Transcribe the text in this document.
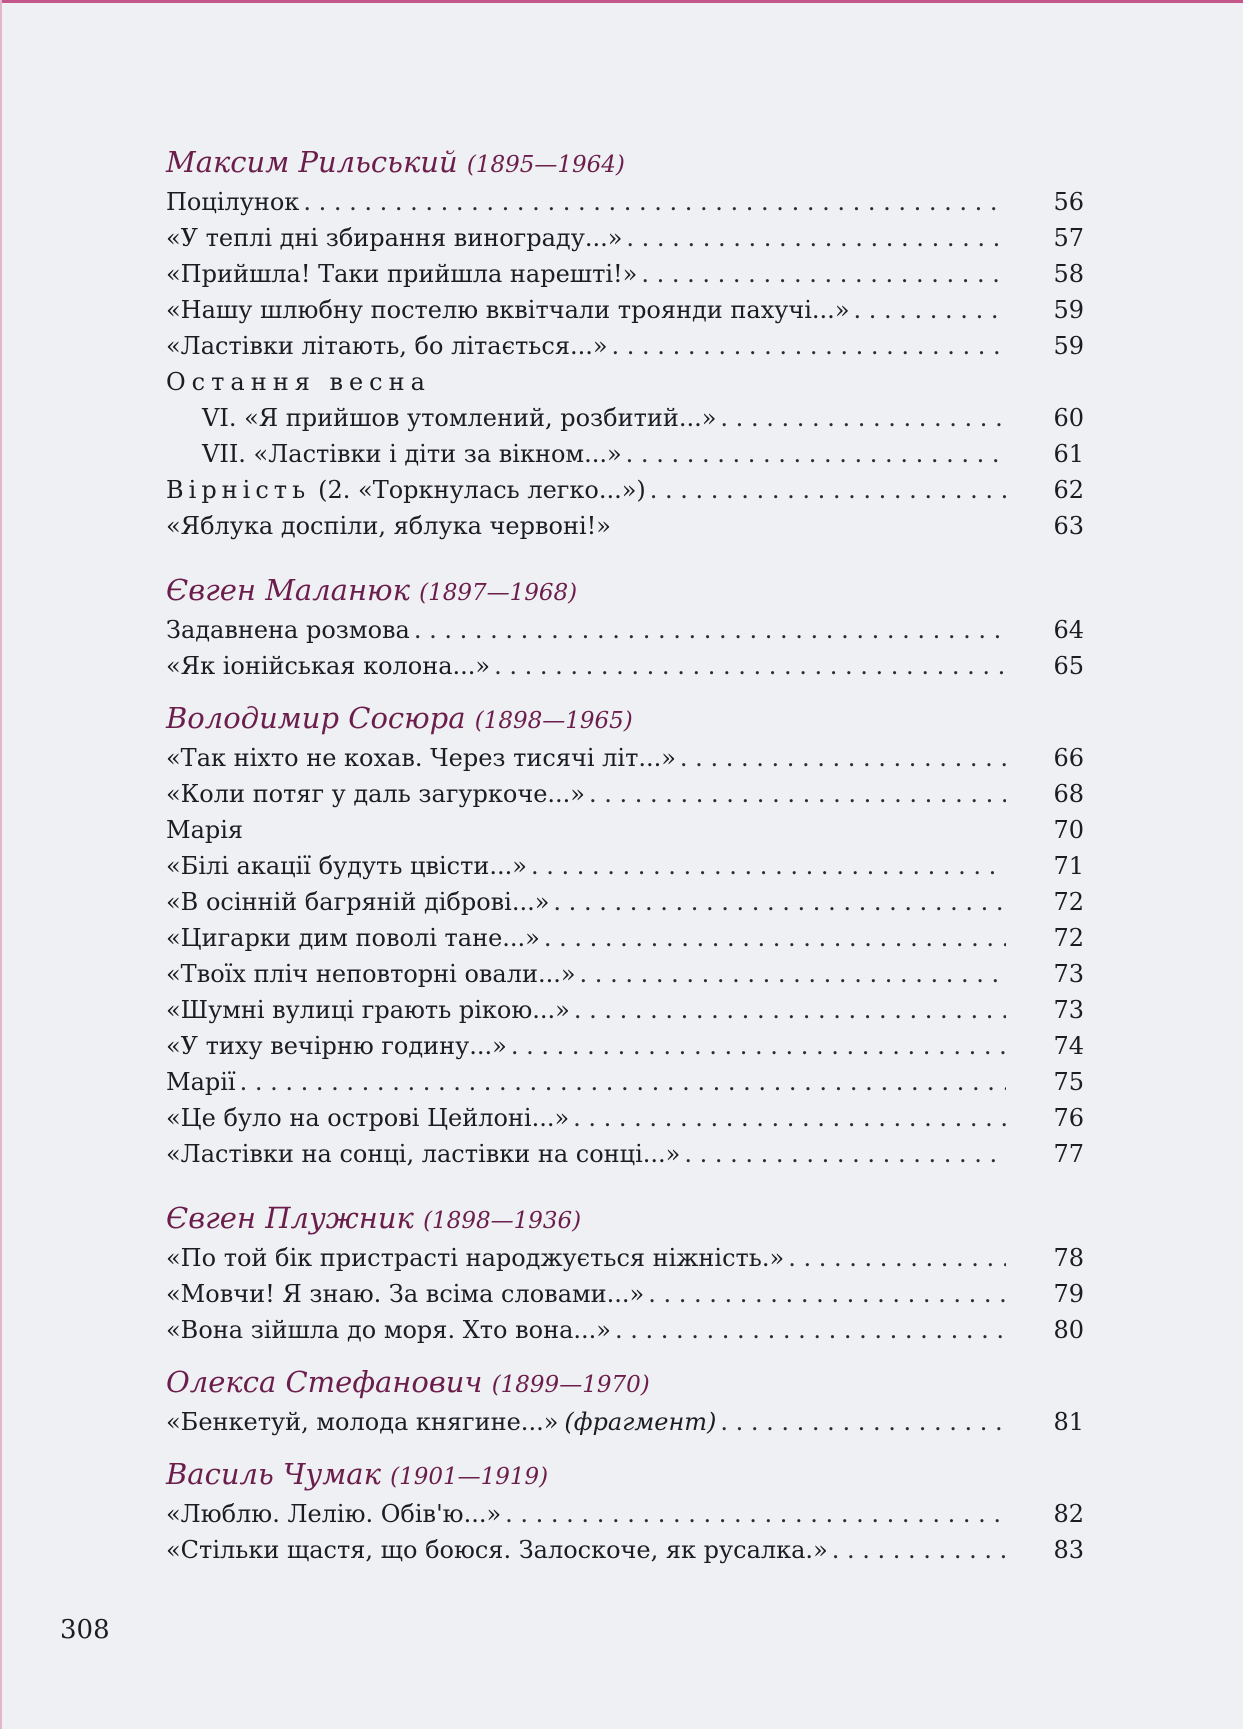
Максим Рильський (1895—1964)
Поцілунок . . .	56
«У теплі дні збирання винограду...» . . .	57
«Прийшла! Таки прийшла нарешті!» . . .	58
«Нашу шлюбну постелю вквітчали троянди пахучі...» . . .	59
«Ластівки літають, бо літається...» . . .	59
Остання весна
VI. «Я прийшов утомлений, розбитий...» . . .	60
VII. «Ластівки і діти за вікном...» . . .	61
Вірність (2. «Торкнулась легко...») . . .	62
«Яблука доспіли, яблука червоні!»	63
Євген Маланюк (1897—1968)
Задавнена розмова . . .	64
«Як іонійськая колона...» . . .	65
Володимир Сосюра (1898—1965)
«Так ніхто не кохав. Через тисячі літ...» . . .	66
«Коли потяг у даль загуркоче...» . . .	68
Марія	70
«Білі акації будуть цвісти...» . . .	71
«В осінній багряній діброві...» . . .	72
«Цигарки дим поволі тане...» . . .	72
«Твоїх пліч неповторні овали...» . . .	73
«Шумні вулиці грають рікою...» . . .	73
«У тиху вечірню годину...» . . .	74
Марії . . .	75
«Це було на острові Цейлоні...» . . .	76
«Ластівки на сонці, ластівки на сонці...» . . .	77
Євген Плужник (1898—1936)
«По той бік пристрасті народжується ніжність.» . . .	78
«Мовчи! Я знаю. За всіма словами...» . . .	79
«Вона зійшла до моря. Хто вона...» . . .	80
Олекса Стефанович (1899—1970)
«Бенкетуй, молода княгине...» (фрагмент) . . .	81
Василь Чумак (1901—1919)
«Люблю. Лелію. Обів'ю...» . . .	82
«Стільки щастя, що боюся. Залоскоче, як русалка.» . . .	83
308
